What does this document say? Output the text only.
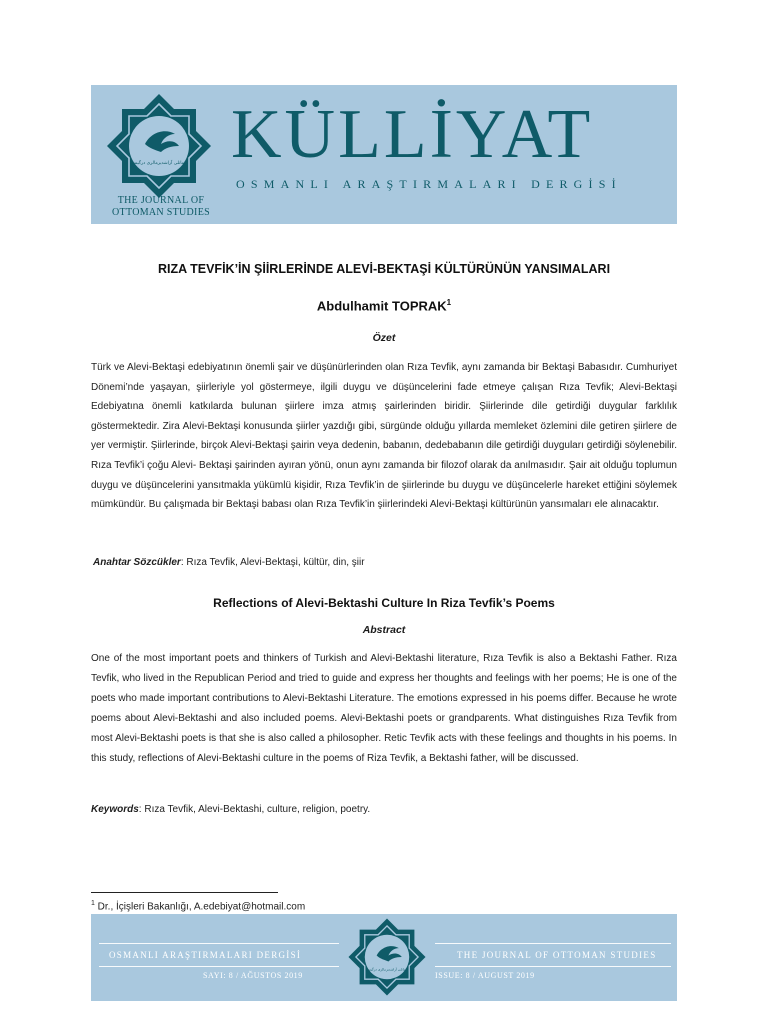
عثمانلی آراشدیرمالری درگیسی
THE JOURNAL OF
OTTOMAN STUDIES
KÜLLİYAT
OSMANLI ARAŞTIRMALARI DERGİSİ
RIZA TEVFİK’İN ŞİİRLERİNDE ALEVİ-BEKTAŞİ KÜLTÜRÜNÜN YANSIMALARI
Abdulhamit TOPRAK$^1$
Özet
Türk ve Alevi-Bektaşi edebiyatının önemli şair ve düşünürlerinden olan Rıza Tevfik, aynı zamanda bir Bektaşi Babasıdır. Cumhuriyet Dönemi’nde yaşayan, şiirleriyle yol göstermeye, ilgili duygu ve düşüncelerini fade etmeye çalışan Rıza Tevfik; Alevi-Bektaşi Edebiyatına önemli katkılarda bulunan şiirlere imza atmış şairlerinden biridir. Şiirlerinde dile getirdiği duygular farklılık göstermektedir. Zira Alevi-Bektaşi konusunda şiirler yazdığı gibi, sürgünde olduğu yıllarda memleket özlemini dile getiren şiirlere de yer vermiştir. Şiirlerinde, birçok Alevi-Bektaşi şairin veya dedenin, babanın, dedebabanın dile getirdiği duyguları getirdiği söylenebilir. Rıza Tevfik’i çoğu Alevi- Bektaşi şairinden ayıran yönü, onun aynı zamanda bir filozof olarak da anılmasıdır. Şair ait olduğu toplumun duygu ve düşüncelerini yansıtmakla yükümlü kişidir, Rıza Tevfik’in de şiirlerinde bu duygu ve düşüncelerle hareket ettiğini söylemek mümkündür. Bu çalışmada bir Bektaşi babası olan Rıza Tevfik’in şiirlerindeki Alevi-Bektaşi kültürünün yansımaları ele alınacaktır.
Anahtar Sözcükler: Rıza Tevfik, Alevi-Bektaşi, kültür, din, şiir
Reflections of Alevi-Bektashi Culture In Riza Tevfik’s Poems
Abstract
One of the most important poets and thinkers of Turkish and Alevi-Bektashi literature, Rıza Tevfik is also a Bektashi Father. Rıza Tevfik, who lived in the Republican Period and tried to guide and express her thoughts and feelings with her poems; He is one of the poets who made important contributions to Alevi-Bektashi Literature. The emotions expressed in his poems differ. Because he wrote poems about Alevi-Bektashi and also included poems. Alevi-Bektashi poets or grandparents. What distinguishes Rıza Tevfik from most Alevi-Bektashi poets is that she is also called a philosopher. Retic Tevfik acts with these feelings and thoughts in his poems. In this study, reflections of Alevi-Bektashi culture in the poems of Riza Tevfik, a Bektashi father, will be discussed.
Keywords: Rıza Tevfik, Alevi-Bektashi, culture, religion, poetry.
$^1$ Dr., İçişleri Bakanlığı, A.edebiyat@hotmail.com
OSMANLI ARAŞTIRMALARI DERGİSİ	THE JOURNAL OF OTTOMAN STUDIES
SAYI: 8 / AĞUSTOS 2019	ISSUE: 8 / AUGUST 2019
عثمانلی آراشدیرمالری درگیسی
